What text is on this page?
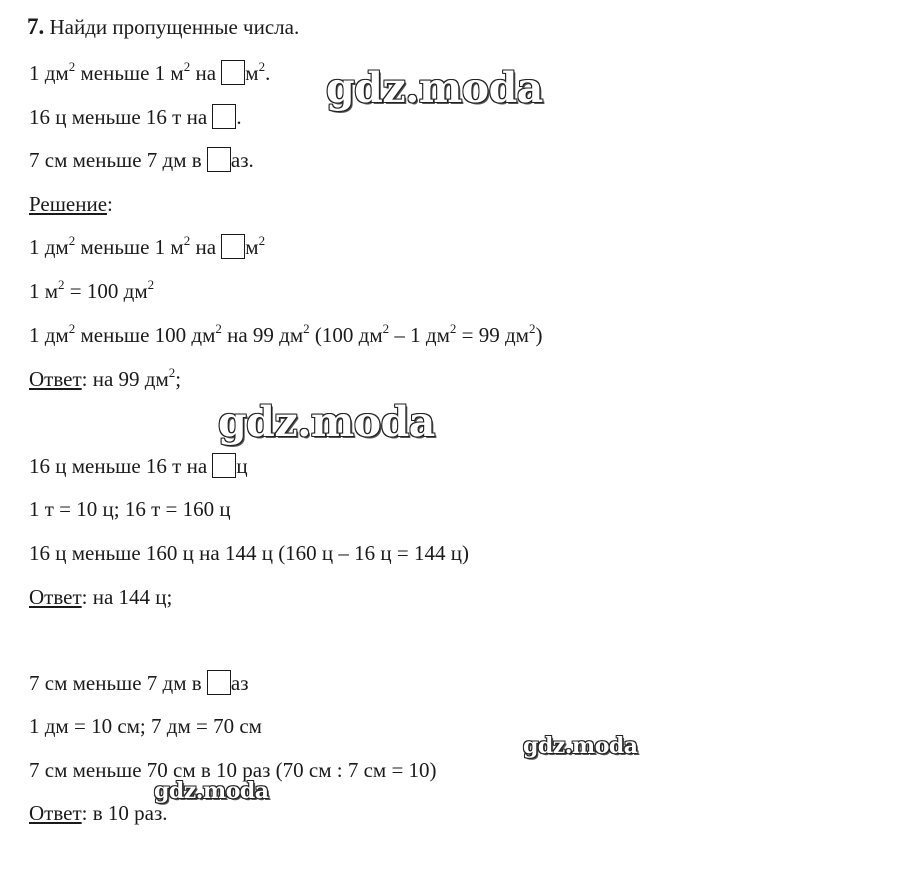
7. Найди пропущенные числа.
1 $дм^2$ меньше 1 $м^2$ на $м^2$.
16 ц меньше 16 т на .
7 см меньше 7 дм в аз.
Решение:
1 $дм^2$ меньше 1 $м^2$ на $м^2$
1 $м^2 = 100$ $дм^2$
1 $дм^2$ меньше 100 $дм^2$ на 99 $дм^2$ (100 $дм^2 - 1$ $дм^2 = 99$ $дм^2$)
Ответ: на 99 $дм^2$;
16 ц меньше 16 т на ц
1 т = 10 ц; 16 т = 160 ц
16 ц меньше 160 ц на 144 ц (160 ц – 16 ц = 144 ц)
Ответ: на 144 ц;
7 см меньше 7 дм в аз
1 дм = 10 см; 7 дм = 70 см
7 см меньше 70 см в 10 раз (70 см : 7 см = 10)
Ответ: в 10 раз.
gdz.moda
gdz.moda
gdz.moda
gdz.moda
